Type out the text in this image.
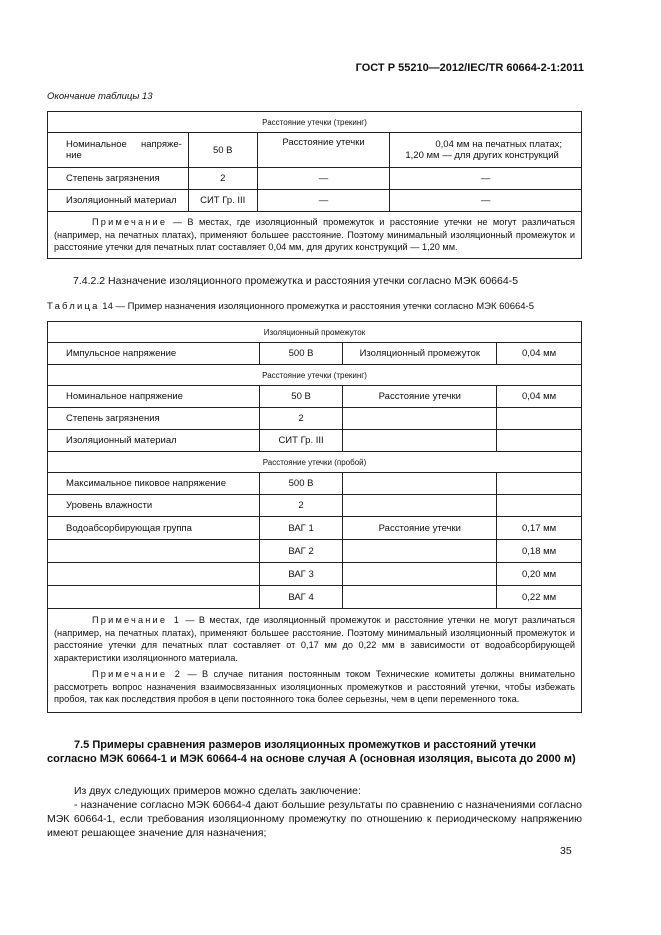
ГОСТ Р 55210—2012/IEC/TR 60664-2-1:2011
Окончание таблицы 13
Расстояние утечки (трекинг)			
Номинальное напряже-ние	50 В	Расстояние утечки	0,04 мм на печатных платах;
1,20 мм — для других конструкций

Степень загрязнения	2	—	—
Изоляционный материал	СИТ Гр. III	—	—
Примечание — В местах, где изоляционный промежуток и расстояние утечки не могут различаться (например, на печатных платах), применяют большее расстояние. Поэтому минимальный изоляционный промежуток и расстояние утечки для печатных плат составляет 0,04 мм, для других конструкций — 1,20 мм.			
7.4.2.2 Назначение изоляционного промежутка и расстояния утечки согласно МЭК 60664-5
Таблица 14 — Пример назначения изоляционного промежутка и расстояния утечки согласно МЭК 60664-5
Изоляционный промежуток			
Импульсное напряжение	500 В	Изоляционный промежуток	0,04 мм
Расстояние утечки (трекинг)			
Номинальное напряжение	50 В	Расстояние утечки	0,04 мм
Степень загрязнения	2		
Изоляционный материал	СИТ Гр. III		
Расстояние утечки (пробой)			
Максимальное пиковое напряжение	500 В		
Уровень влажности	2		
Водоабсорбирующая группа	ВАГ 1	Расстояние утечки	0,17 мм
	ВАГ 2		0,18 мм
	ВАГ 3		0,20 мм
	ВАГ 4		0,22 мм

Примечание 1 — В местах, где изоляционный промежуток и расстояние утечки не могут различаться (например, на печатных платах), применяют большее расстояние. Поэтому минимальный изоляционный промежуток и расстояние утечки для печатных плат составляет от 0,17 мм до 0,22 мм в зависимости от водоабсорбирующей характеристики изоляционного материала.
Примечание 2 — В случае питания постоянным током Технические комитеты должны внимательно рассмотреть вопрос назначения взаимосвязанных изоляционных промежутков и расстояний утечки, чтобы избежать пробоя, так как последствия пробоя в цепи постоянного тока более серьезны, чем в цепи переменного тока.			
7.5 Примеры сравнения размеров изоляционных промежутков и расстояний утечки согласно МЭК 60664-1 и МЭК 60664-4 на основе случая А (основная изоляция, высота до 2000 м)
Из двух следующих примеров можно сделать заключение:
- назначение согласно МЭК 60664-4 дают большие результаты по сравнению с назначениями согласно МЭК 60664-1, если требования изоляционному промежутку по отношению к периодическому напряжению имеют решающее значение для назначения;
35
